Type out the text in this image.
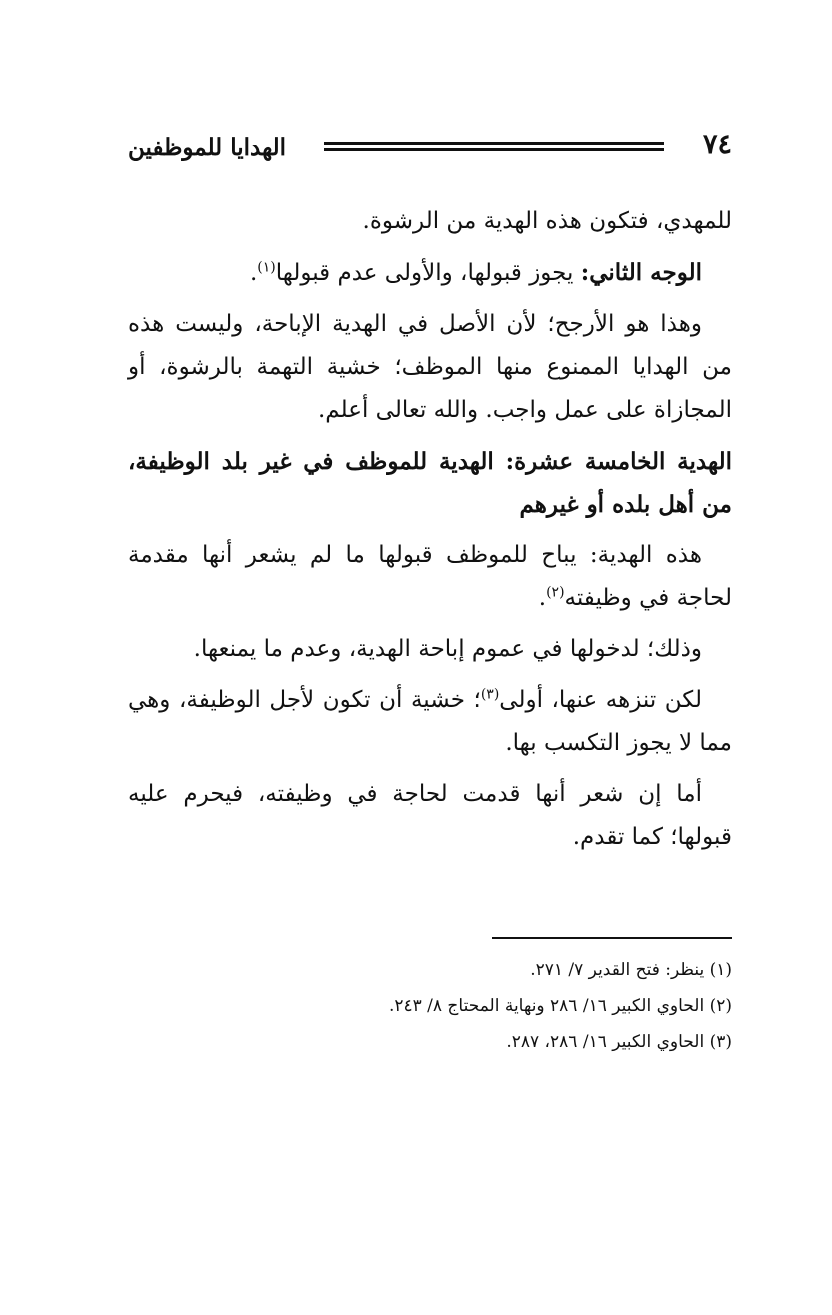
٧٤
الهدايا للموظفين

للمهدي، فتكون هذه الهدية من الرشوة.

الوجه الثاني: يجوز قبولها، والأولى عدم قبولها$^{(١)}$.

وهذا هو الأرجح؛ لأن الأصل في الهدية الإباحة، وليست هذه من الهدايا الممنوع منها الموظف؛ خشية التهمة بالرشوة، أو المجازاة على عمل واجب. والله تعالى أعلم.

الهدية الخامسة عشرة: الهدية للموظف في غير بلد الوظيفة، من أهل بلده أو غيرهم

هذه الهدية: يباح للموظف قبولها ما لم يشعر أنها مقدمة لحاجة في وظيفته$^{(٢)}$.

وذلك؛ لدخولها في عموم إباحة الهدية، وعدم ما يمنعها.

لكن تنزهه عنها، أولى$^{(٣)}$؛ خشية أن تكون لأجل الوظيفة، وهي مما لا يجوز التكسب بها.

أما إن شعر أنها قدمت لحاجة في وظيفته، فيحرم عليه قبولها؛ كما تقدم.

(١) ينظر: فتح القدير ٧/ ٢٧١.

(٢) الحاوي الكبير ١٦/ ٢٨٦ ونهاية المحتاج ٨/ ٢٤٣.

(٣) الحاوي الكبير ١٦/ ٢٨٦، ٢٨٧.
